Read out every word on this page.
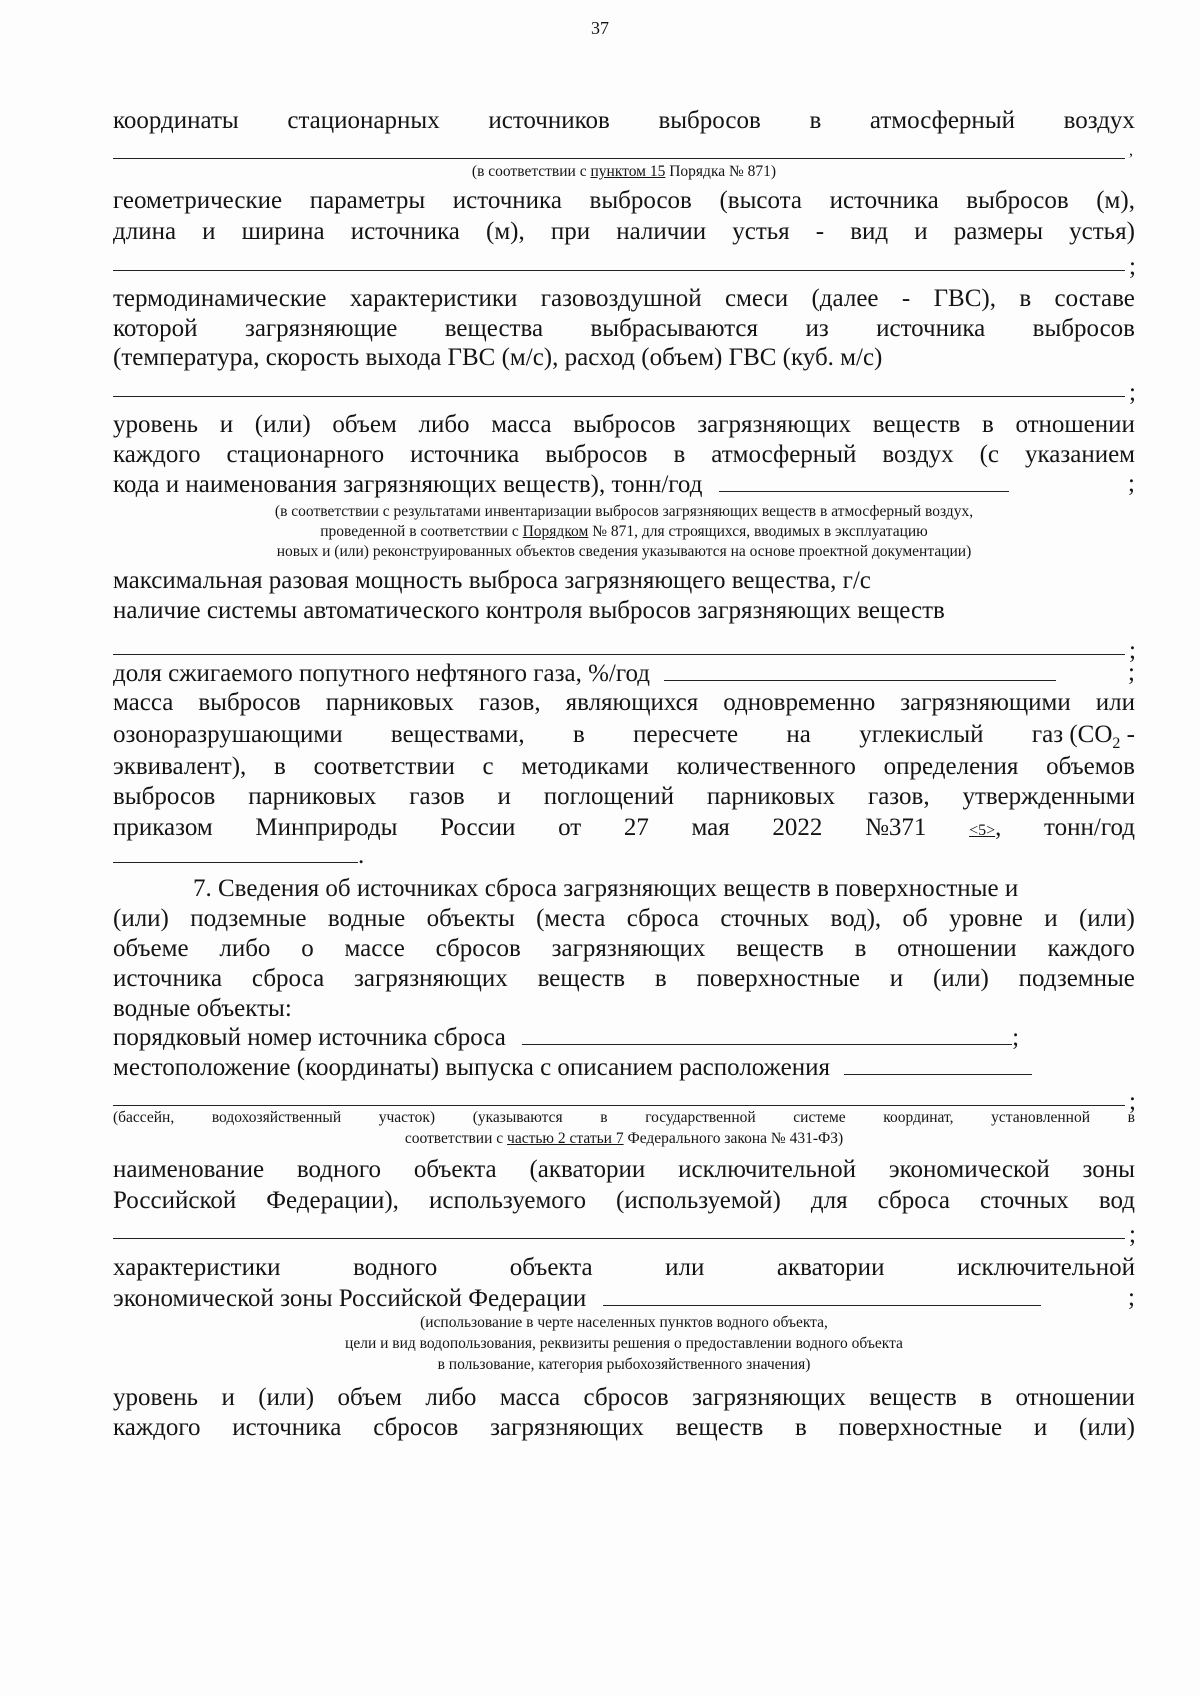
37
координаты стационарных источников выбросов в атмосферный воздух
,
(в соответствии с пунктом 15 Порядка № 871)
геометрические параметры источника выбросов (высота источника выбросов (м),
длина и ширина источника (м), при наличии устья - вид и размеры устья)
;
термодинамические характеристики газовоздушной смеси (далее - ГВС), в составе
которой загрязняющие вещества выбрасываются из источника выбросов
(температура, скорость выхода ГВС (м/с), расход (объем) ГВС (куб. м/с)
;
уровень и (или) объем либо масса выбросов загрязняющих веществ в отношении
каждого стационарного источника выбросов в атмосферный воздух (с указанием
кода и наименования загрязняющих веществ), тонн/год	;
(в соответствии с результатами инвентаризации выбросов загрязняющих веществ в атмосферный воздух,
проведенной в соответствии с Порядком № 871, для строящихся, вводимых в эксплуатацию
новых и (или) реконструированных объектов сведения указываются на основе проектной документации)
максимальная разовая мощность выброса загрязняющего вещества, г/с
наличие системы автоматического контроля выбросов загрязняющих веществ
;
доля сжигаемого попутного нефтяного газа, %/год	;
масса выбросов парниковых газов, являющихся одновременно загрязняющими или
озоноразрушающими веществами, в пересчете на углекислый газ ($CO_2$ -
эквивалент), в соответствии с методиками количественного определения объемов
выбросов парниковых газов и поглощений парниковых газов, утвержденными
приказом Минприроды России от 27 мая 2022 №371	<5>, тонн/год
.
7. Сведения об источниках сброса загрязняющих веществ в поверхностные и
(или) подземные водные объекты (места сброса сточных вод), об уровне и (или)
объеме либо о массе сбросов загрязняющих веществ в отношении каждого
источника сброса загрязняющих веществ в поверхностные и (или) подземные
водные объекты:
порядковый номер источника сброса	;
местоположение (координаты) выпуска с описанием расположения
;
(бассейн, водохозяйственный участок) (указываются в государственной системе координат, установленной в
соответствии с частью 2 статьи 7 Федерального закона № 431-ФЗ)
наименование водного объекта (акватории исключительной экономической зоны
Российской Федерации), используемого (используемой) для сброса сточных вод
;
характеристики	водного	объекта	или	акватории	исключительной
экономической зоны Российской Федерации	;
(использование в черте населенных пунктов водного объекта,
цели и вид водопользования, реквизиты решения о предоставлении водного объекта
в пользование, категория рыбохозяйственного значения)
уровень и (или) объем либо масса сбросов загрязняющих веществ в отношении
каждого источника сбросов загрязняющих веществ в поверхностные и (или)
